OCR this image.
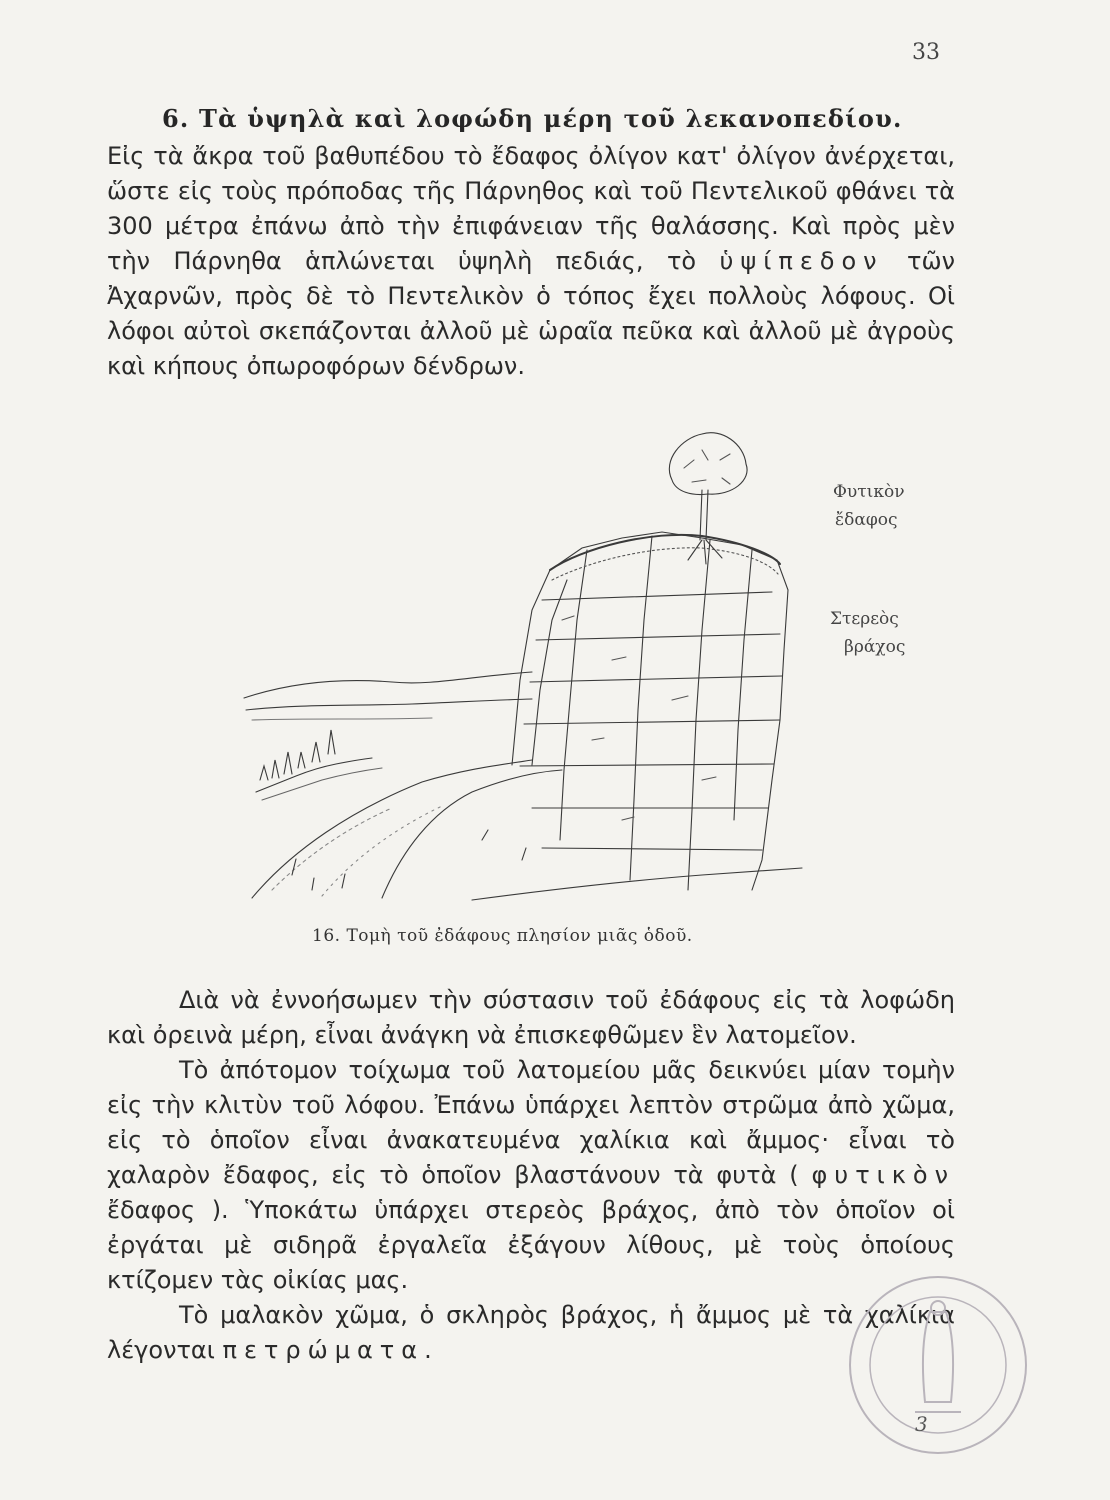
33
6. Τὰ ὑψηλὰ καὶ λοφώδη μέρη τοῦ λεκανοπεδίου.

Εἰς τὰ ἄκρα τοῦ βαθυπέδου τὸ ἔδαφος ὀλίγον κατ' ὀλίγον ἀνέρχεται, ὥστε εἰς τοὺς πρόποδας τῆς Πάρνηθος καὶ τοῦ Πεντελικοῦ φθάνει τὰ 300 μέτρα ἐπάνω ἀπὸ τὴν ἐπιφάνειαν τῆς θαλάσσης. Καὶ πρὸς μὲν τὴν Πάρνηθα ἁπλώνεται ὑψηλὴ πεδιάς, τὸ ὑψίπεδον τῶν Ἀχαρνῶν, πρὸς δὲ τὸ Πεντελικὸν ὁ τόπος ἔχει πολλοὺς λόφους. Οἱ λόφοι αὐτοὶ σκεπάζονται ἀλλοῦ μὲ ὡραῖα πεῦκα καὶ ἀλλοῦ μὲ ἀγροὺς καὶ κήπους ὀπωροφόρων δένδρων.

Φυτικὸν
ἔδαφος
Στερεὸς
βράχος
16. Τομὴ τοῦ ἐδάφους πλησίον μιᾶς ὁδοῦ.

Διὰ νὰ ἐννοήσωμεν τὴν σύστασιν τοῦ ἐδάφους εἰς τὰ λοφώδη καὶ ὀρεινὰ μέρη, εἶναι ἀνάγκη νὰ ἐπισκεφθῶμεν ἓν λατομεῖον.

Τὸ ἀπότομον τοίχωμα τοῦ λατομείου μᾶς δεικνύει μίαν τομὴν εἰς τὴν κλιτὺν τοῦ λόφου. Ἐπάνω ὑπάρχει λεπτὸν στρῶμα ἀπὸ χῶμα, εἰς τὸ ὁποῖον εἶναι ἀνακατευμένα χαλίκια καὶ ἄμμος· εἶναι τὸ χαλαρὸν ἔδαφος, εἰς τὸ ὁποῖον βλαστάνουν τὰ φυτὰ ( φυτικὸν ἔδαφος ). Ὑποκάτω ὑπάρχει στερεὸς βράχος, ἀπὸ τὸν ὁποῖον οἱ ἐργάται μὲ σιδηρᾶ ἐργαλεῖα ἐξάγουν λίθους, μὲ τοὺς ὁποίους κτίζομεν τὰς οἰκίας μας.

Τὸ μαλακὸν χῶμα, ὁ σκληρὸς βράχος, ἡ ἄμμος μὲ τὰ χαλίκια λέγονται πετρώματα.

3
